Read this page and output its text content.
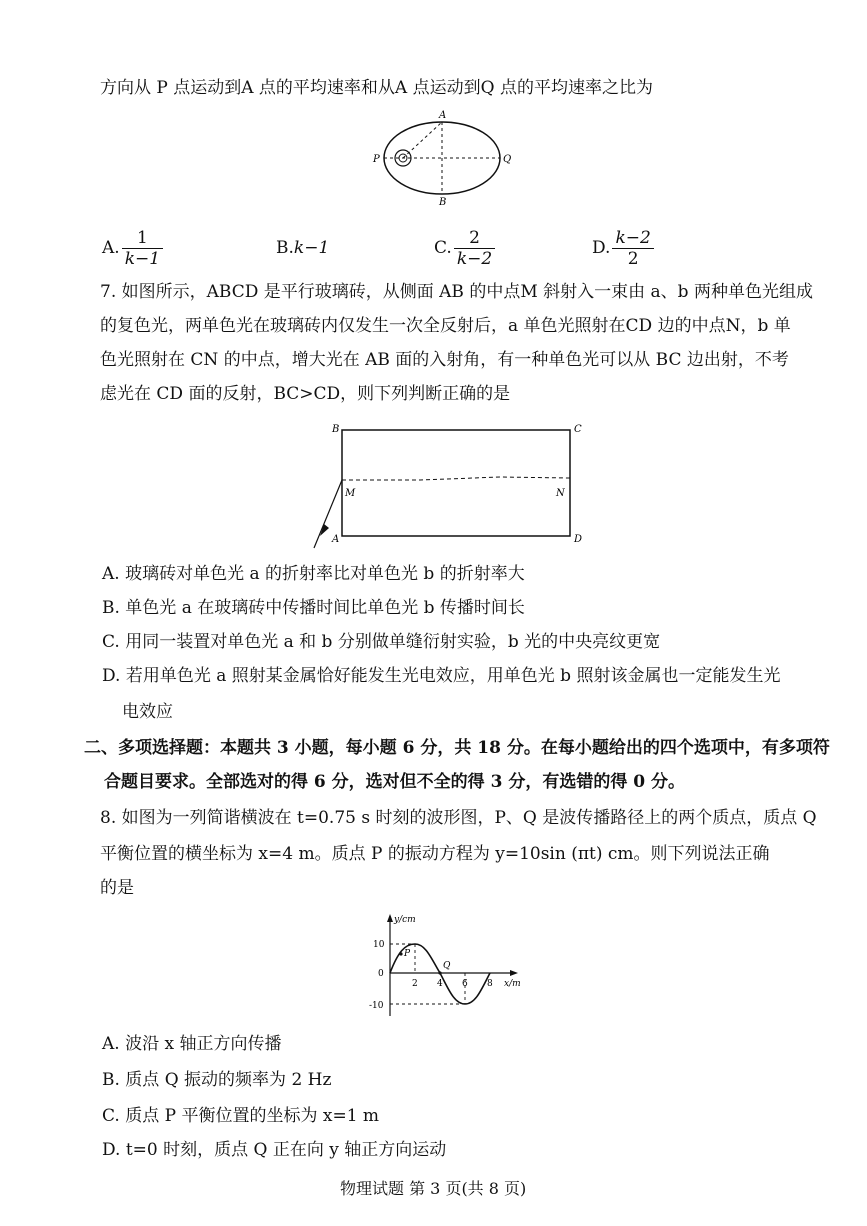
方向从 P 点运动到A 点的平均速率和从A 点运动到Q 点的平均速率之比为
A
B
P	Q
A. $\frac{1}{k-1}$	B.k−1	C. $\frac{2}{k-2}$	D. $\frac{k-2}{2}$
7. 如图所示，ABCD 是平行玻璃砖，从侧面 AB 的中点M 斜射入一束由 a、b 两种单色光组成
的复色光，两单色光在玻璃砖内仅发生一次全反射后，a 单色光照射在CD 边的中点N，b 单
色光照射在 CN 的中点，增大光在 AB 面的入射角，有一种单色光可以从 BC 边出射，不考
虑光在 CD 面的反射，BC>CD，则下列判断正确的是
B	C
A	D
M	N
A. 玻璃砖对单色光 a 的折射率比对单色光 b 的折射率大
B. 单色光 a 在玻璃砖中传播时间比单色光 b 传播时间长
C. 用同一装置对单色光 a 和 b 分别做单缝衍射实验，b 光的中央亮纹更宽
D. 若用单色光 a 照射某金属恰好能发生光电效应，用单色光 b 照射该金属也一定能发生光
电效应
二、多项选择题：本题共 3 小题，每小题 6 分，共 18 分。在每小题给出的四个选项中，有多项符
合题目要求。全部选对的得 6 分，选对但不全的得 3 分，有选错的得 0 分。
8. 如图为一列简谐横波在 t=0.75 s 时刻的波形图，P、Q 是波传播路径上的两个质点，质点 Q
平衡位置的横坐标为 x=4 m。质点 P 的振动方程为 y=10sin (πt) cm。则下列说法正确
的是
y/cm
x/m
10
0
-10
2 4 6 8
P
Q
A. 波沿 x 轴正方向传播
B. 质点 Q 振动的频率为 2 Hz
C. 质点 P 平衡位置的坐标为 x=1 m
D. t=0 时刻，质点 Q 正在向 y 轴正方向运动
物理试题 第 3 页(共 8 页)
